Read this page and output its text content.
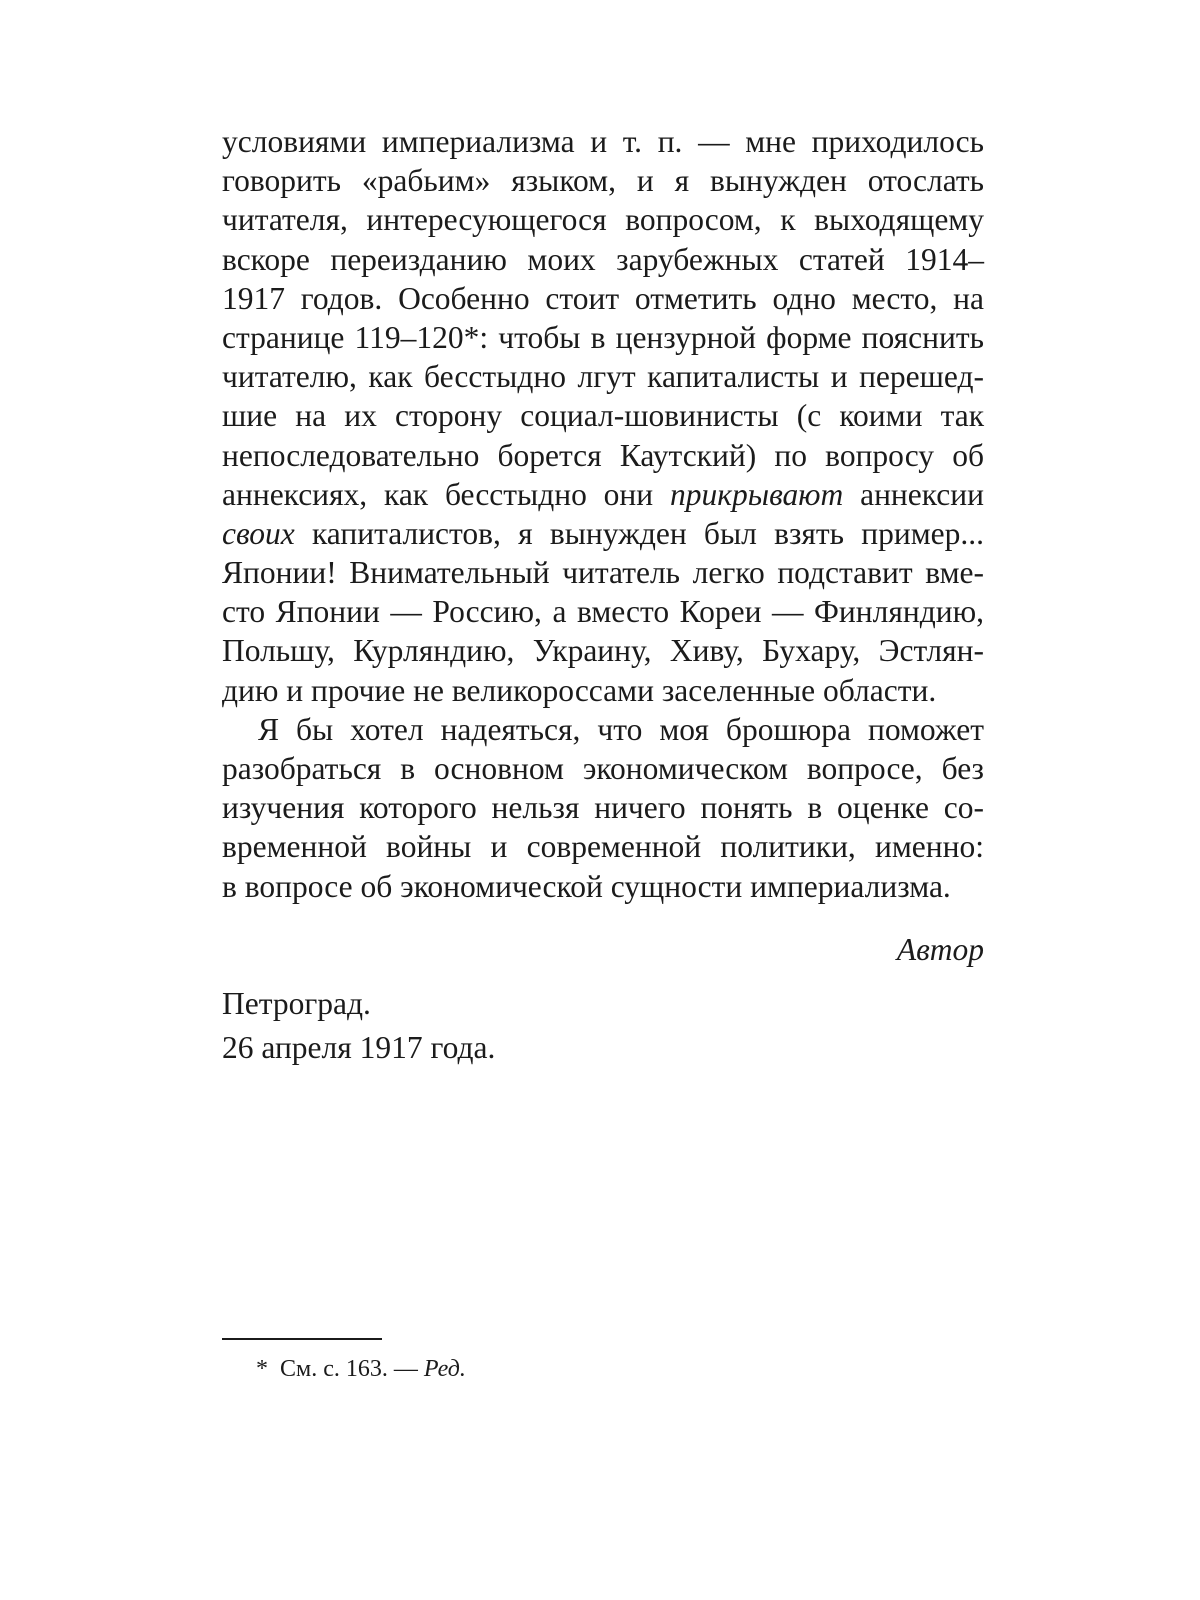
условиями империализма и т. п. — мне приходилось
говорить «рабьим» языком, и я вынужден отослать
читателя, интересующегося вопросом, к выходящему
вскоре переизданию моих зарубежных статей 1914–
1917 годов. Особенно стоит отметить одно место, на
странице 119–120*: чтобы в цензурной форме пояснить
читателю, как бесстыдно лгут капиталисты и перешед-
шие на их сторону социал-шовинисты (с коими так
непоследовательно борется Каутский) по вопросу об
аннексиях, как бесстыдно они прикрывают аннексии
своих капиталистов, я вынужден был взять пример...
Японии! Внимательный читатель легко подставит вме-
сто Японии — Россию, а вместо Кореи — Финляндию,
Польшу, Курляндию, Украину, Хиву, Бухару, Эстлян-
дию и прочие не великороссами заселенные области.
Я бы хотел надеяться, что моя брошюра поможет
разобраться в основном экономическом вопросе, без
изучения которого нельзя ничего понять в оценке со-
временной войны и современной политики, именно:
в вопросе об экономической сущности империализма.
Автор
Петроград.
26 апреля 1917 года.
* См. с. 163. — Ред.
